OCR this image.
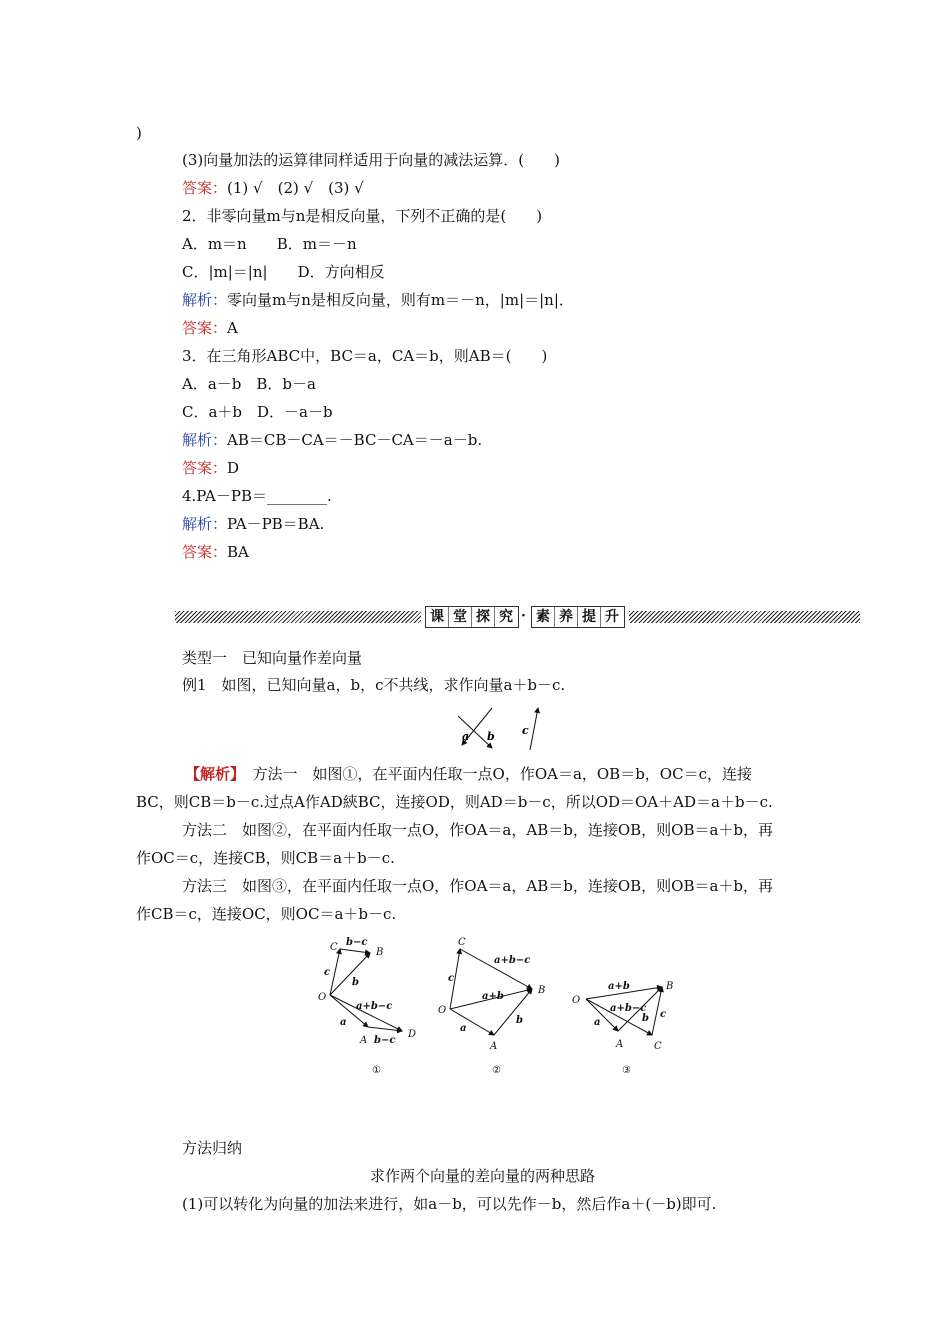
)
(3)向量加法的运算律同样适用于向量的减法运算．(　　)
答案：(1) √　(2) √　(3) √
2．非零向量m与n是相反向量，下列不正确的是(　　)
A．m＝n　　B．m＝－n
C．|m|＝|n|　　D．方向相反
解析：零向量m与n是相反向量，则有m＝－n，|m|＝|n|．
答案：A
3．在三角形ABC中，BC＝a，CA＝b，则AB＝(　　)
A．a－b　B．b－a
C．a＋b　D．－a－b
解析：AB＝CB－CA＝－BC－CA＝－a－b.
答案：D
4.PA－PB＝________.
解析：PA－PB＝BA.
答案：BA
课 堂 探 究 · 素 养 提 升
类型一　已知向量作差向量
例1　如图，已知向量a，b，c不共线，求作向量a＋b－c.
a b c
【解析】　方法一　如图①，在平面内任取一点O，作OA＝a，OB＝b，OC＝c，连接
BC，则CB＝b－c.过点A作AD綊BC，连接OD，则AD＝b－c，所以OD＝OA＋AD＝a＋b－c.
方法二　如图②，在平面内任取一点O，作OA＝a，AB＝b，连接OB，则OB＝a＋b，再
作OC＝c，连接CB，则CB＝a＋b－c.
方法三　如图③，在平面内任取一点O，作OA＝a，AB＝b，连接OB，则OB＝a＋b，再
作CB＝c，连接OC，则OC＝a＋b－c.
C b−c
B
c
b
O
a+b−c
a
A b−c
D
①
C
a+b−c
B
c
O
a+b
a
b
A
②
O
a+b	B
a+b−c
a	b c
A	C
③
方法归纳
求作两个向量的差向量的两种思路
(1)可以转化为向量的加法来进行，如a－b，可以先作－b，然后作a＋(－b)即可.
